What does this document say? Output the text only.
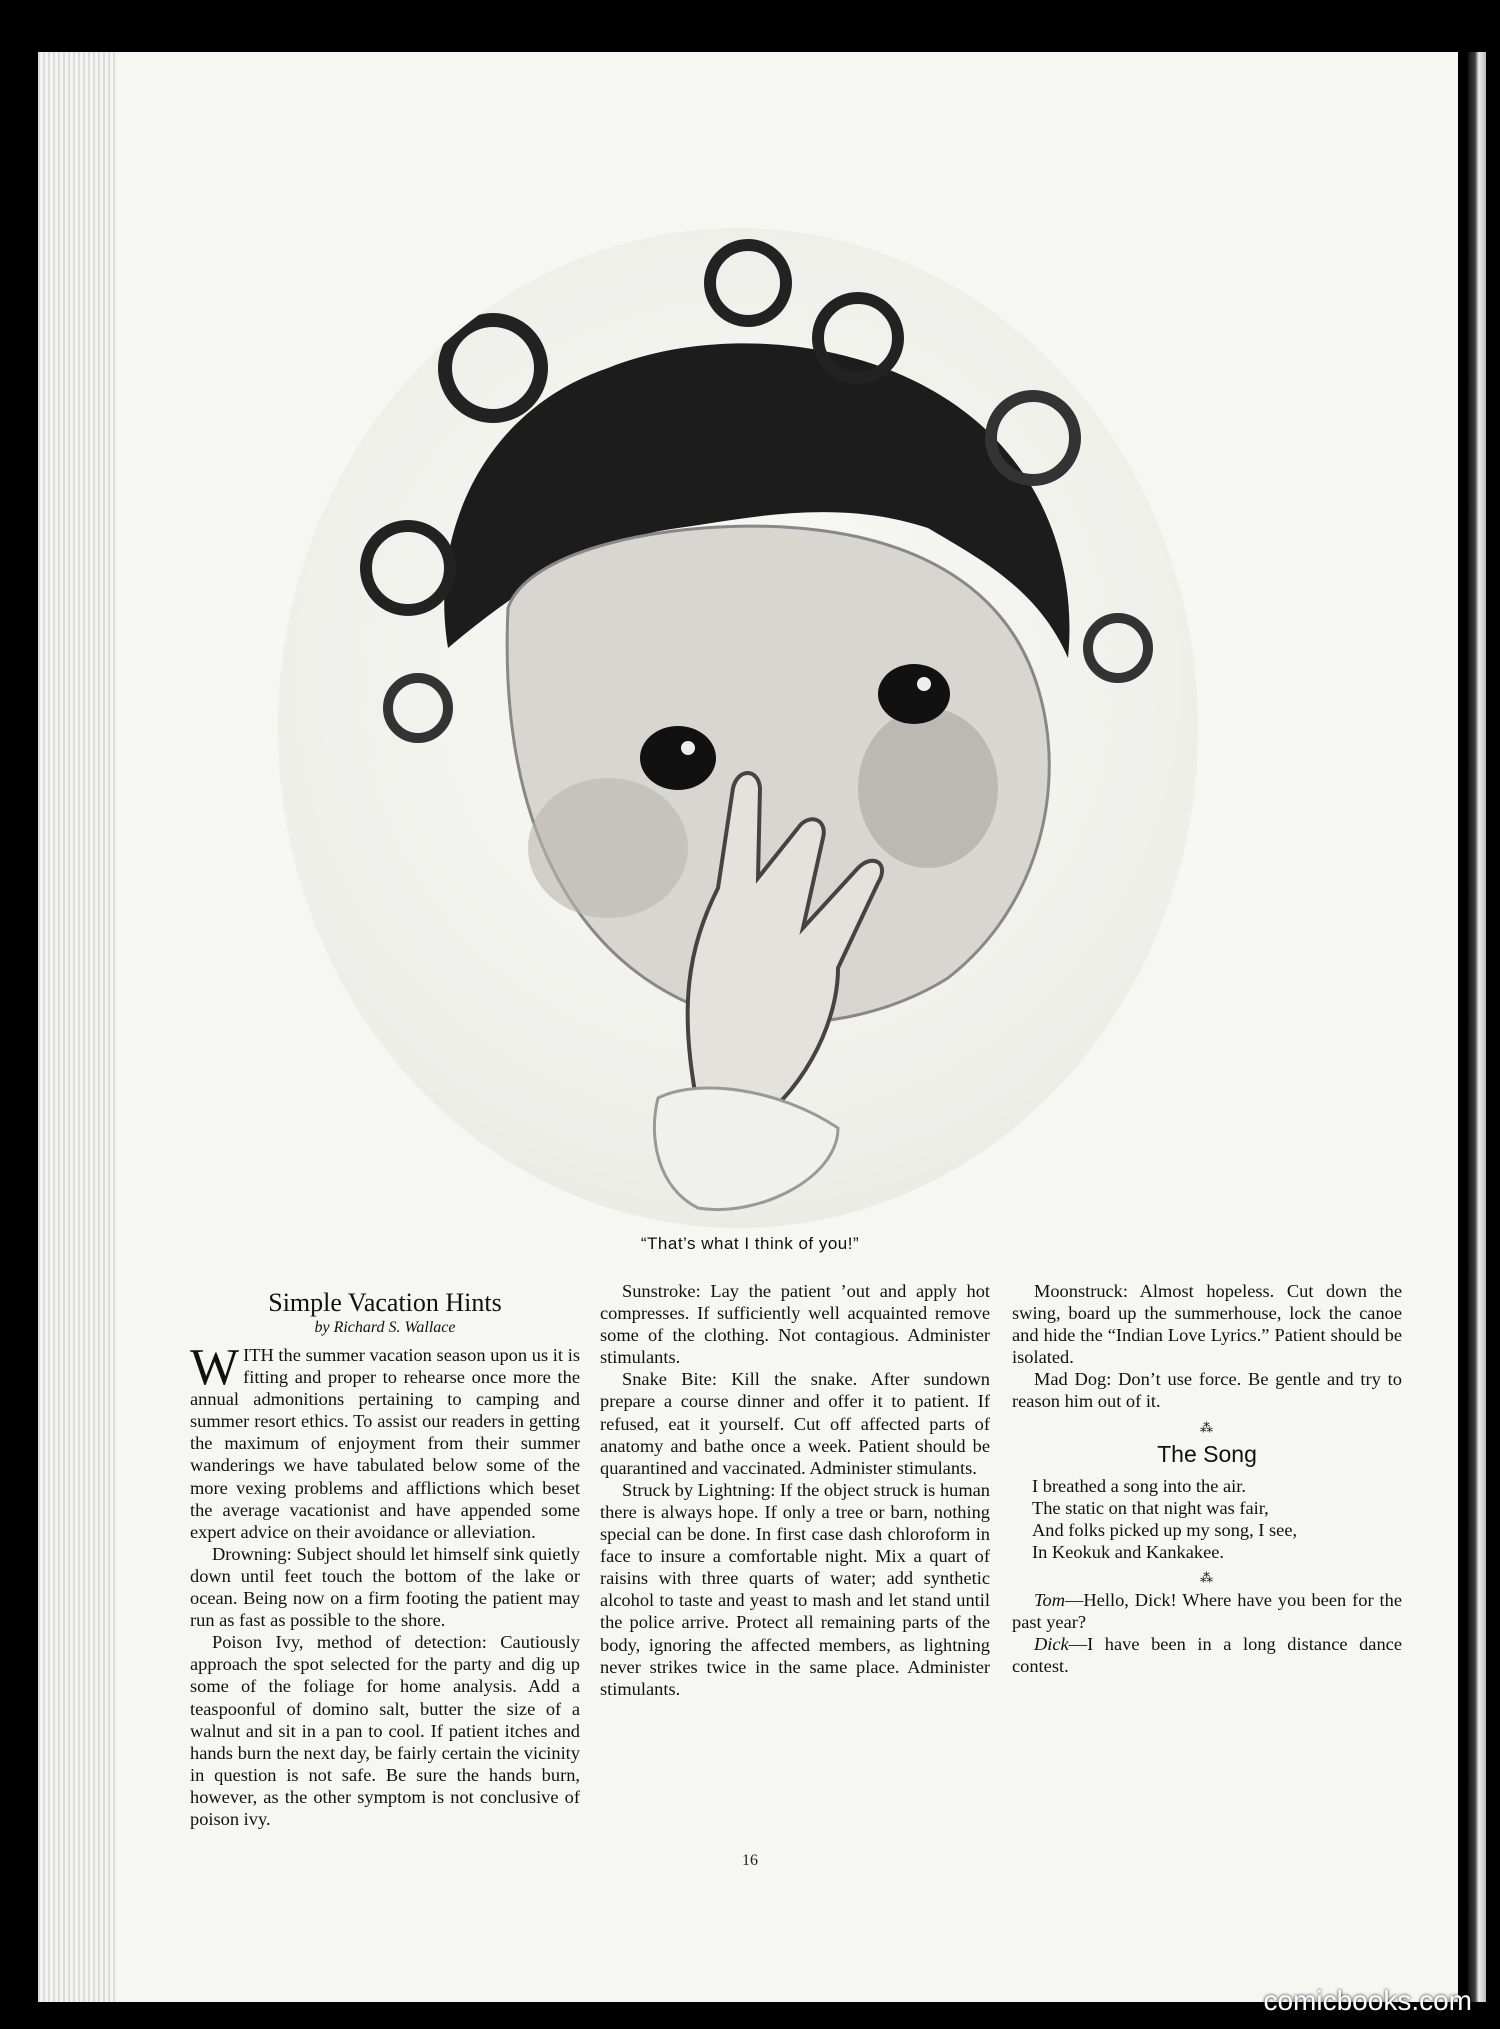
“That’s what I think of you!”
Simple Vacation Hints
by Richard S. Wallace

WITH the summer vacation season upon us it is fitting and proper to rehearse once more the annual admonitions pertaining to camping and summer resort ethics. To assist our readers in getting the maximum of enjoyment from their summer wanderings we have tabulated below some of the more vexing problems and afflictions which beset the average vacationist and have appended some expert advice on their avoidance or alleviation.

Drowning: Subject should let himself sink quietly down until feet touch the bottom of the lake or ocean. Being now on a firm footing the patient may run as fast as possible to the shore.

Poison Ivy, method of detection: Cautiously approach the spot selected for the party and dig up some of the foliage for home analysis. Add a teaspoonful of domino salt, butter the size of a walnut and sit in a pan to cool. If patient itches and hands burn the next day, be fairly certain the vicinity in question is not safe. Be sure the hands burn, however, as the other symptom is not conclusive of poison ivy.

Sunstroke: Lay the patient ’out and apply hot compresses. If sufficiently well acquainted remove some of the clothing. Not contagious. Administer stimulants.

Snake Bite: Kill the snake. After sundown prepare a course dinner and offer it to patient. If refused, eat it yourself. Cut off affected parts of anatomy and bathe once a week. Patient should be quarantined and vaccinated. Administer stimulants.

Struck by Lightning: If the object struck is human there is always hope. If only a tree or barn, nothing special can be done. In first case dash chloroform in face to insure a comfortable night. Mix a quart of raisins with three quarts of water; add synthetic alcohol to taste and yeast to mash and let stand until the police arrive. Protect all remaining parts of the body, ignoring the affected members, as lightning never strikes twice in the same place. Administer stimulants.

Moonstruck: Almost hopeless. Cut down the swing, board up the summerhouse, lock the canoe and hide the “Indian Love Lyrics.” Patient should be isolated.

Mad Dog: Don’t use force. Be gentle and try to reason him out of it.

⁂
The Song
I breathed a song into the air.
The static on that night was fair,
And folks picked up my song, I see,
In Keokuk and Kankakee.
⁂

Tom—Hello, Dick! Where have you been for the past year?

Dick—I have been in a long distance dance contest.

16
comicbooks.com
